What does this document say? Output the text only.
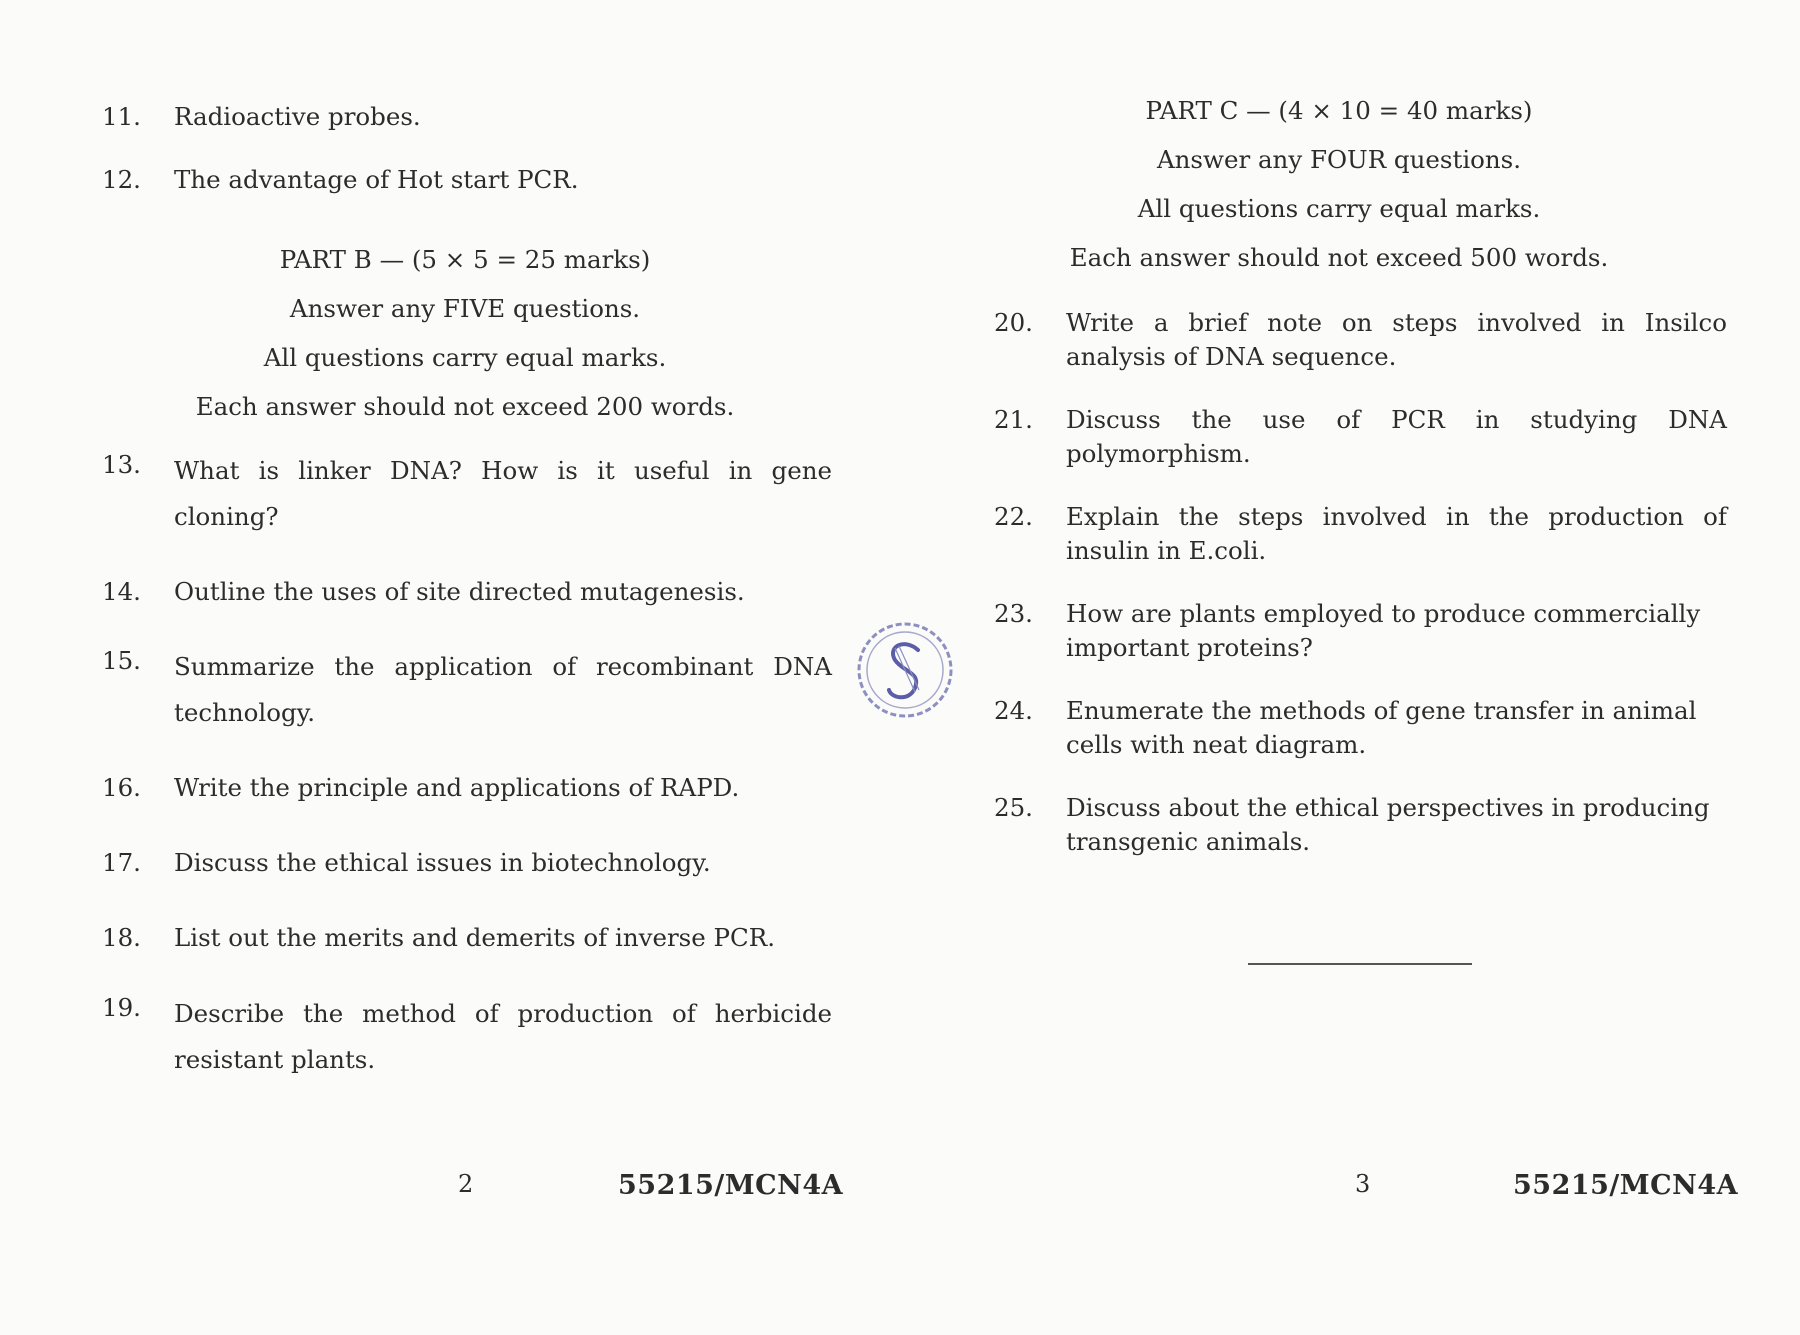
11.	Radioactive probes.
12.	The advantage of Hot start PCR.
PART B — (5 × 5 = 25 marks)
Answer any FIVE questions.
All questions carry equal marks.
Each answer should not exceed 200 words.
13.	What is linker DNA? How is it useful in gene cloning?
14.	Outline the uses of site directed mutagenesis.
15.	Summarize the application of recombinant DNA technology.
16.	Write the principle and applications of RAPD.
17.	Discuss the ethical issues in biotechnology.
18.	List out the merits and demerits of inverse PCR.
19.	Describe the method of production of herbicide resistant plants.
2	55215/MCN4A
PART C — (4 × 10 = 40 marks)
Answer any FOUR questions.
All questions carry equal marks.
Each answer should not exceed 500 words.
20.	Write a brief note on steps involved in Insilco analysis of DNA sequence.
21.	Discuss the use of PCR in studying DNA polymorphism.
22.	Explain the steps involved in the production of insulin in E.coli.
23.	How are plants employed to produce commercially important proteins?
24.	Enumerate the methods of gene transfer in animal cells with neat diagram.
25.	Discuss about the ethical perspectives in producing transgenic animals.
3	55215/MCN4A
